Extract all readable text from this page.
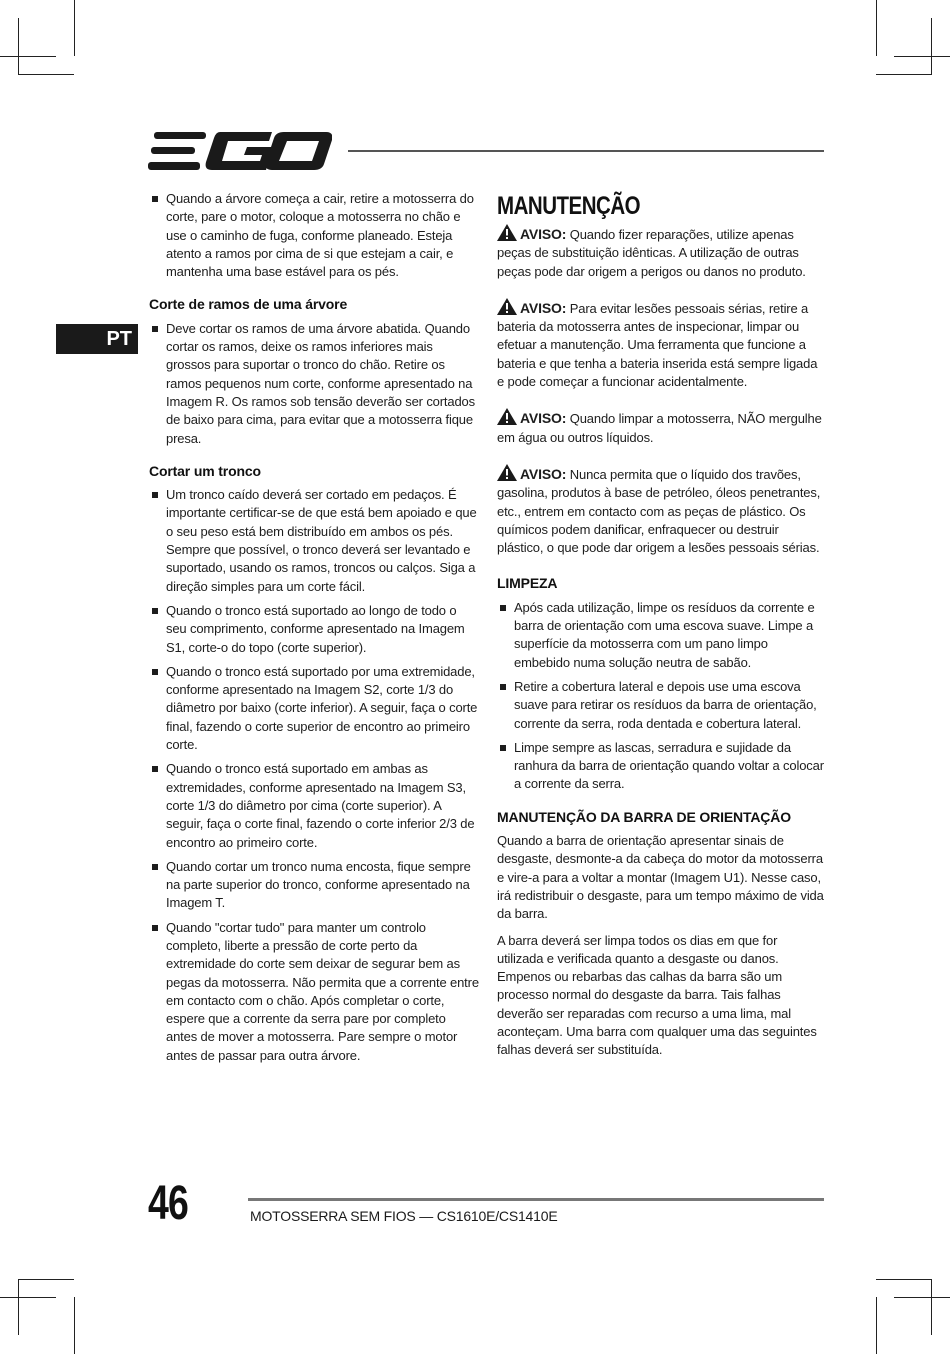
PT
Quando a árvore começa a cair, retire a motosserra do corte, pare o motor, coloque a motosserra no chão e use o caminho de fuga, conforme planeado. Esteja atento a ramos por cima de si que estejam a cair, e mantenha uma base estável para os pés.
Corte de ramos de uma árvore
Deve cortar os ramos de uma árvore abatida. Quando cortar os ramos, deixe os ramos inferiores mais grossos para suportar o tronco do chão. Retire os ramos pequenos num corte, conforme apresentado na Imagem R. Os ramos sob tensão deverão ser cortados de baixo para cima, para evitar que a motosserra fique presa.
Cortar um tronco
Um tronco caído deverá ser cortado em pedaços. É importante certificar-se de que está bem apoiado e que o seu peso está bem distribuído em ambos os pés. Sempre que possível, o tronco deverá ser levantado e suportado, usando os ramos, troncos ou calços. Siga a direção simples para um corte fácil.
Quando o tronco está suportado ao longo de todo o seu comprimento, conforme apresentado na Imagem S1, corte-o do topo (corte superior).
Quando o tronco está suportado por uma extremidade, conforme apresentado na Imagem S2, corte 1/3 do diâmetro por baixo (corte inferior). A seguir, faça o corte final, fazendo o corte superior de encontro ao primeiro corte.
Quando o tronco está suportado em ambas as extremidades, conforme apresentado na Imagem S3, corte 1/3 do diâmetro por cima (corte superior). A seguir, faça o corte final, fazendo o corte inferior 2/3 de encontro ao primeiro corte.
Quando cortar um tronco numa encosta, fique sempre na parte superior do tronco, conforme apresentado na Imagem T.
Quando "cortar tudo" para manter um controlo completo, liberte a pressão de corte perto da extremidade do corte sem deixar de segurar bem as pegas da motosserra. Não permita que a corrente entre em contacto com o chão. Após completar o corte, espere que a corrente da serra pare por completo antes de mover a motosserra. Pare sempre o motor antes de passar para outra árvore.
MANUTENÇÃO

AVISO: Quando fizer reparações, utilize apenas peças de substituição idênticas. A utilização de outras peças pode dar origem a perigos ou danos no produto.

AVISO: Para evitar lesões pessoais sérias, retire a bateria da motosserra antes de inspecionar, limpar ou efetuar a manutenção. Uma ferramenta que funcione a bateria e que tenha a bateria inserida está sempre ligada e pode começar a funcionar acidentalmente.

AVISO: Quando limpar a motosserra, NÃO mergulhe em água ou outros líquidos.

AVISO: Nunca permita que o líquido dos travões, gasolina, produtos à base de petróleo, óleos penetrantes, etc., entrem em contacto com as peças de plástico. Os químicos podem danificar, enfraquecer ou destruir plástico, o que pode dar origem a lesões pessoais sérias.

LIMPEZA
Após cada utilização, limpe os resíduos da corrente e barra de orientação com uma escova suave. Limpe a superfície da motosserra com um pano limpo embebido numa solução neutra de sabão.
Retire a cobertura lateral e depois use uma escova suave para retirar os resíduos da barra de orientação, corrente da serra, roda dentada e cobertura lateral.
Limpe sempre as lascas, serradura e sujidade da ranhura da barra de orientação quando voltar a colocar a corrente da serra.
MANUTENÇÃO DA BARRA DE ORIENTAÇÃO

Quando a barra de orientação apresentar sinais de desgaste, desmonte-a da cabeça do motor da motosserra e vire-a para a voltar a montar (Imagem U1). Nesse caso, irá redistribuir o desgaste, para um tempo máximo de vida da barra.

A barra deverá ser limpa todos os dias em que for utilizada e verificada quanto a desgaste ou danos. Empenos ou rebarbas das calhas da barra são um processo normal do desgaste da barra. Tais falhas deverão ser reparadas com recurso a uma lima, mal aconteçam. Uma barra com qualquer uma das seguintes falhas deverá ser substituída.

46	MOTOSSERRA SEM FIOS — CS1610E/CS1410E
